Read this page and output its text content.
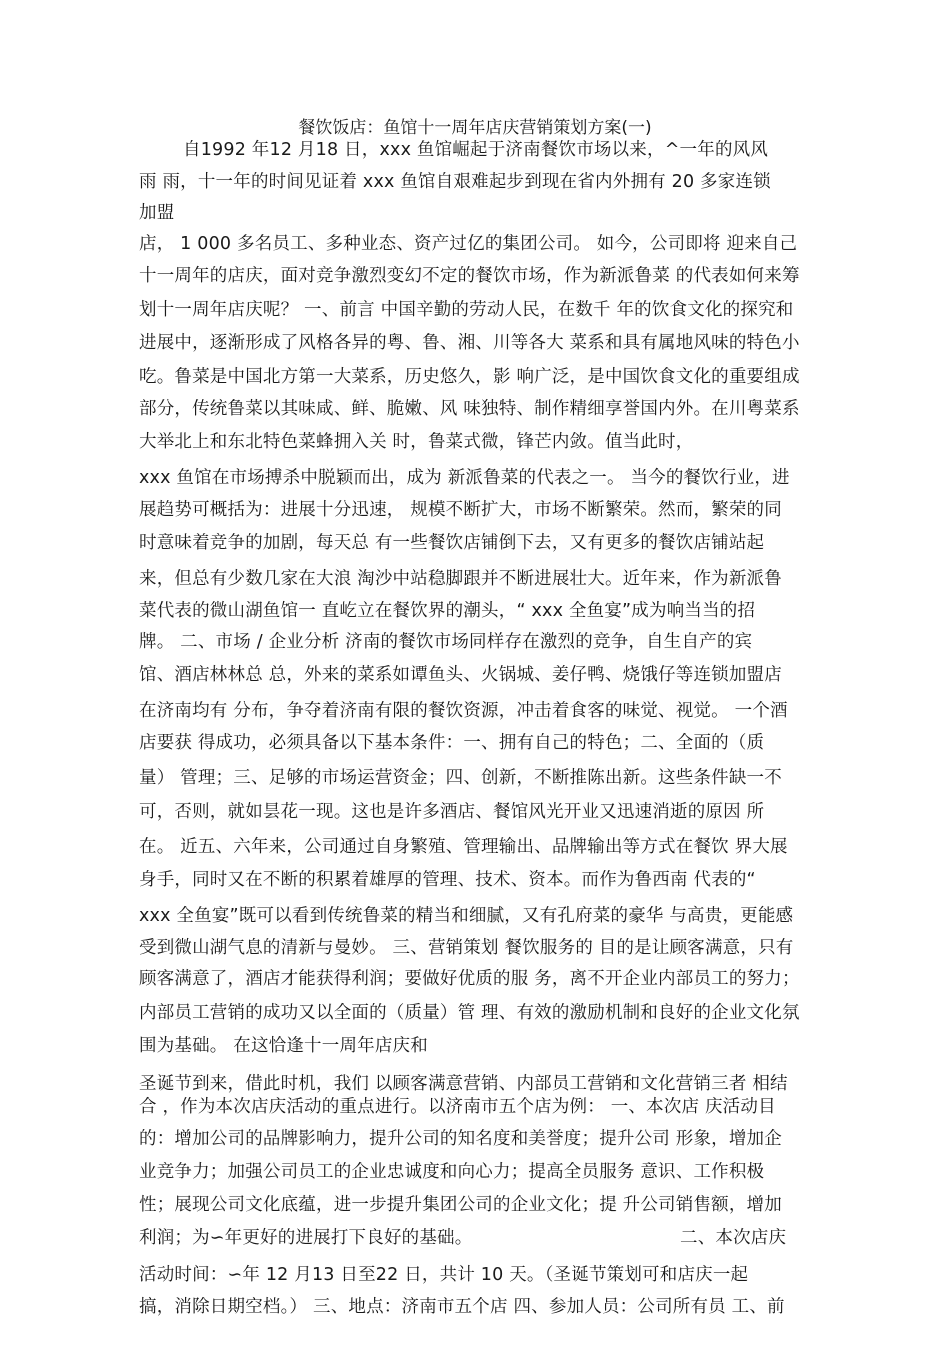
餐饮饭店：鱼馆十一周年店庆营销策划方案(一)
自1992 年12 月18 日，xxx 鱼馆崛起于济南餐饮市场以来，^一年的风风
雨 雨，十一年的时间见证着 xxx 鱼馆自艰难起步到现在省内外拥有 20 多家连锁
加盟
店， 1 000 多名员工、多种业态、资产过亿的集团公司。 如今，公司即将 迎来自己
十一周年的店庆，面对竞争激烈变幻不定的餐饮市场，作为新派鲁菜 的代表如何来筹
划十一周年店庆呢？ 一、前言 中国辛勤的劳动人民，在数千 年的饮食文化的探究和
进展中，逐渐形成了风格各异的粤、鲁、湘、川等各大 菜系和具有属地风味的特色小
吃。鲁菜是中国北方第一大菜系，历史悠久，影 响广泛，是中国饮食文化的重要组成
部分，传统鲁菜以其味咸、鲜、脆嫩、风 味独特、制作精细享誉国内外。在川粤菜系
大举北上和东北特色菜蜂拥入关 时，鲁菜式微，锋芒内敛。值当此时，
xxx 鱼馆在市场搏杀中脱颖而出，成为 新派鲁菜的代表之一。 当今的餐饮行业，进
展趋势可概括为：进展十分迅速， 规模不断扩大，市场不断繁荣。然而，繁荣的同
时意味着竞争的加剧，每天总 有一些餐饮店铺倒下去，又有更多的餐饮店铺站起
来，但总有少数几家在大浪 淘沙中站稳脚跟并不断进展壮大。近年来，作为新派鲁
菜代表的微山湖鱼馆一 直屹立在餐饮界的潮头，“ xxx 全鱼宴”成为响当当的招
牌。 二、市场 / 企业分析 济南的餐饮市场同样存在激烈的竞争，自生自产的宾
馆、酒店林林总 总，外来的菜系如谭鱼头、火锅城、姜仔鸭、烧饿仔等连锁加盟店
在济南均有 分布，争夺着济南有限的餐饮资源，冲击着食客的味觉、视觉。 一个酒
店要获 得成功，必须具备以下基本条件：一、拥有自己的特色；二、全面的（质
量） 管理；三、足够的市场运营资金；四、创新，不断推陈出新。这些条件缺一不
可，否则，就如昙花一现。这也是许多酒店、餐馆风光开业又迅速消逝的原因 所
在。 近五、六年来，公司通过自身繁殖、管理输出、品牌输出等方式在餐饮 界大展
身手，同时又在不断的积累着雄厚的管理、技术、资本。而作为鲁西南 代表的“
xxx 全鱼宴”既可以看到传统鲁菜的精当和细腻，又有孔府菜的豪华 与高贵，更能感
受到微山湖气息的清新与曼妙。 三、营销策划 餐饮服务的 目的是让顾客满意，只有
顾客满意了，酒店才能获得利润；要做好优质的服 务，离不开企业内部员工的努力；
内部员工营销的成功又以全面的（质量）管 理、有效的激励机制和良好的企业文化氛
围为基础。 在这恰逢十一周年店庆和
圣诞节到来，借此时机，我们 以顾客满意营销、内部员工营销和文化营销三者 相结
合 ，作为本次店庆活动的重点进行。以济南市五个店为例： 一、本次店 庆活动目
的：增加公司的品牌影响力，提升公司的知名度和美誉度；提升公司 形象，增加企
业竞争力；加强公司员工的企业忠诚度和向心力；提高全员服务 意识、工作积极
性；展现公司文化底蕴，进一步提升集团公司的企业文化；提 升公司销售额，增加
利润；为∽年更好的进展打下良好的基础。	二、本次店庆
活动时间：∽年 12 月13 日至22 日，共计 10 天。（圣诞节策划可和店庆一起
搞，消除日期空档。） 三、地点：济南市五个店 四、参加人员：公司所有员 工、前
